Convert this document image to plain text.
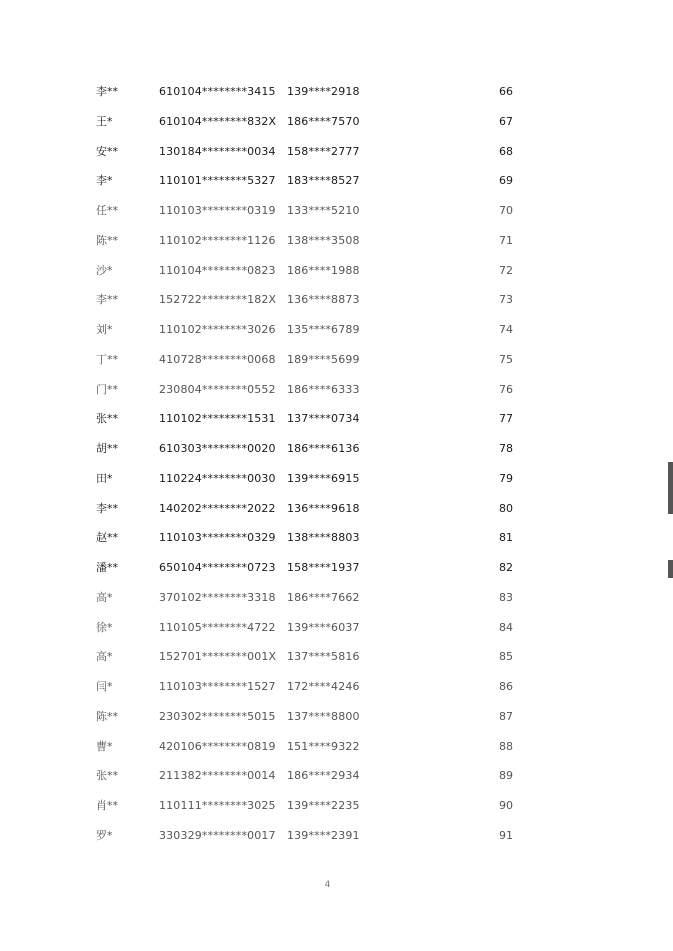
李**	610104********3415 139****2918	66
王*	610104********832X 186****7570	67
安**	130184********0034 158****2777	68
李*	110101********5327 183****8527	69
任**	110103********0319 133****5210	70
陈**	110102********1126 138****3508	71
沙*	110104********0823 186****1988	72
李**	152722********182X 136****8873	73
刘*	110102********3026 135****6789	74
丁**	410728********0068 189****5699	75
门**	230804********0552 186****6333	76
张**	110102********1531 137****0734	77
胡**	610303********0020 186****6136	78
田*	110224********0030 139****6915	79
李**	140202********2022 136****9618	80
赵**	110103********0329 138****8803	81
潘**	650104********0723 158****1937	82
高*	370102********3318 186****7662	83
徐*	110105********4722 139****6037	84
高*	152701********001X 137****5816	85
闫*	110103********1527 172****4246	86
陈**	230302********5015 137****8800	87
曹*	420106********0819 151****9322	88
张**	211382********0014 186****2934	89
肖**	110111********3025 139****2235	90
罗*	330329********0017 139****2391	91
4
